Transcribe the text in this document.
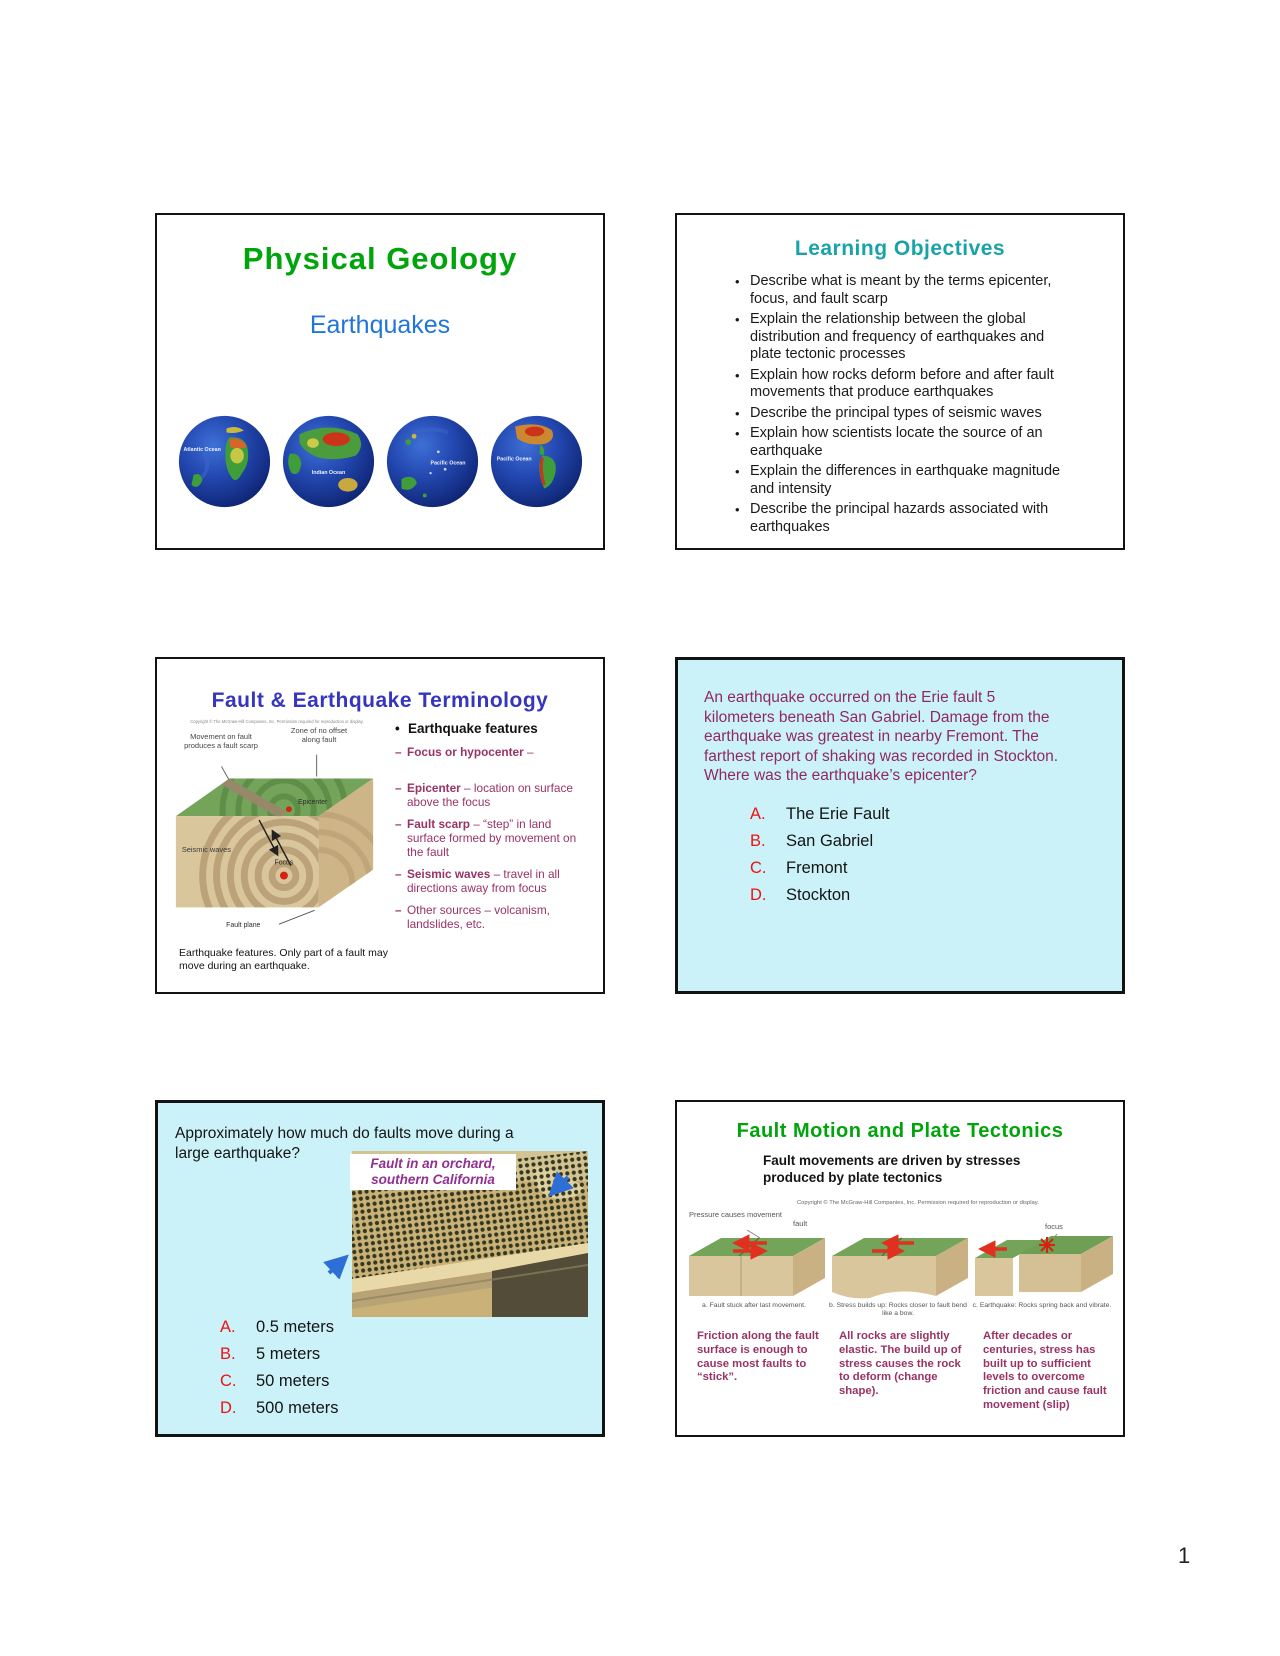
Physical Geology
Earthquakes
Atlantic Ocean
Indian Ocean
Pacific Ocean
Pacific Ocean
Learning Objectives
• Describe what is meant by the terms epicenter, focus, and fault scarp
• Explain the relationship between the global distribution and frequency of earthquakes and plate tectonic processes
• Explain how rocks deform before and after fault movements that produce earthquakes
• Describe the principal types of seismic waves
• Explain how scientists locate the source of an earthquake
• Explain the differences in earthquake magnitude and intensity
• Describe the principal hazards associated with earthquakes
Fault & Earthquake Terminology
Copyright © The McGraw-Hill Companies, Inc. Permission required for reproduction or display.
Epicenter
Focus
Seismic waves
Fault plane
Movement on fault produces a fault scarp
Zone of no offset along fault
• Earthquake features
– Focus or hypocenter –
– Epicenter – location on surface above the focus
– Fault scarp – “step” in land surface formed by movement on the fault
– Seismic waves – travel in all directions away from focus
– Other sources – volcanism, landslides, etc.
Earthquake features. Only part of a fault may move during an earthquake.
An earthquake occurred on the Erie fault 5 kilometers beneath San Gabriel. Damage from the earthquake was greatest in nearby Fremont. The farthest report of shaking was recorded in Stockton. Where was the earthquake’s epicenter?
A. The Erie Fault
B. San Gabriel
C. Fremont
D. Stockton
Approximately how much do faults move during a large earthquake?
Fault in an orchard, southern California
A. 0.5 meters
B. 5 meters
C. 50 meters
D. 500 meters
Fault Motion and Plate Tectonics
Fault movements are driven by stresses produced by plate tectonics
Copyright © The McGraw-Hill Companies, Inc. Permission required for reproduction or display.
Pressure causes movement
fault	focus
a. Fault stuck after last movement.	b. Stress builds up: Rocks closer to fault bend like a bow.
c. Earthquake: Rocks spring back and vibrate.
Friction along the fault surface is enough to cause most faults to “stick”.
All rocks are slightly elastic. The build up of stress causes the rock to deform (change shape).
After decades or centuries, stress has built up to sufficient levels to overcome friction and cause fault movement (slip)
1
